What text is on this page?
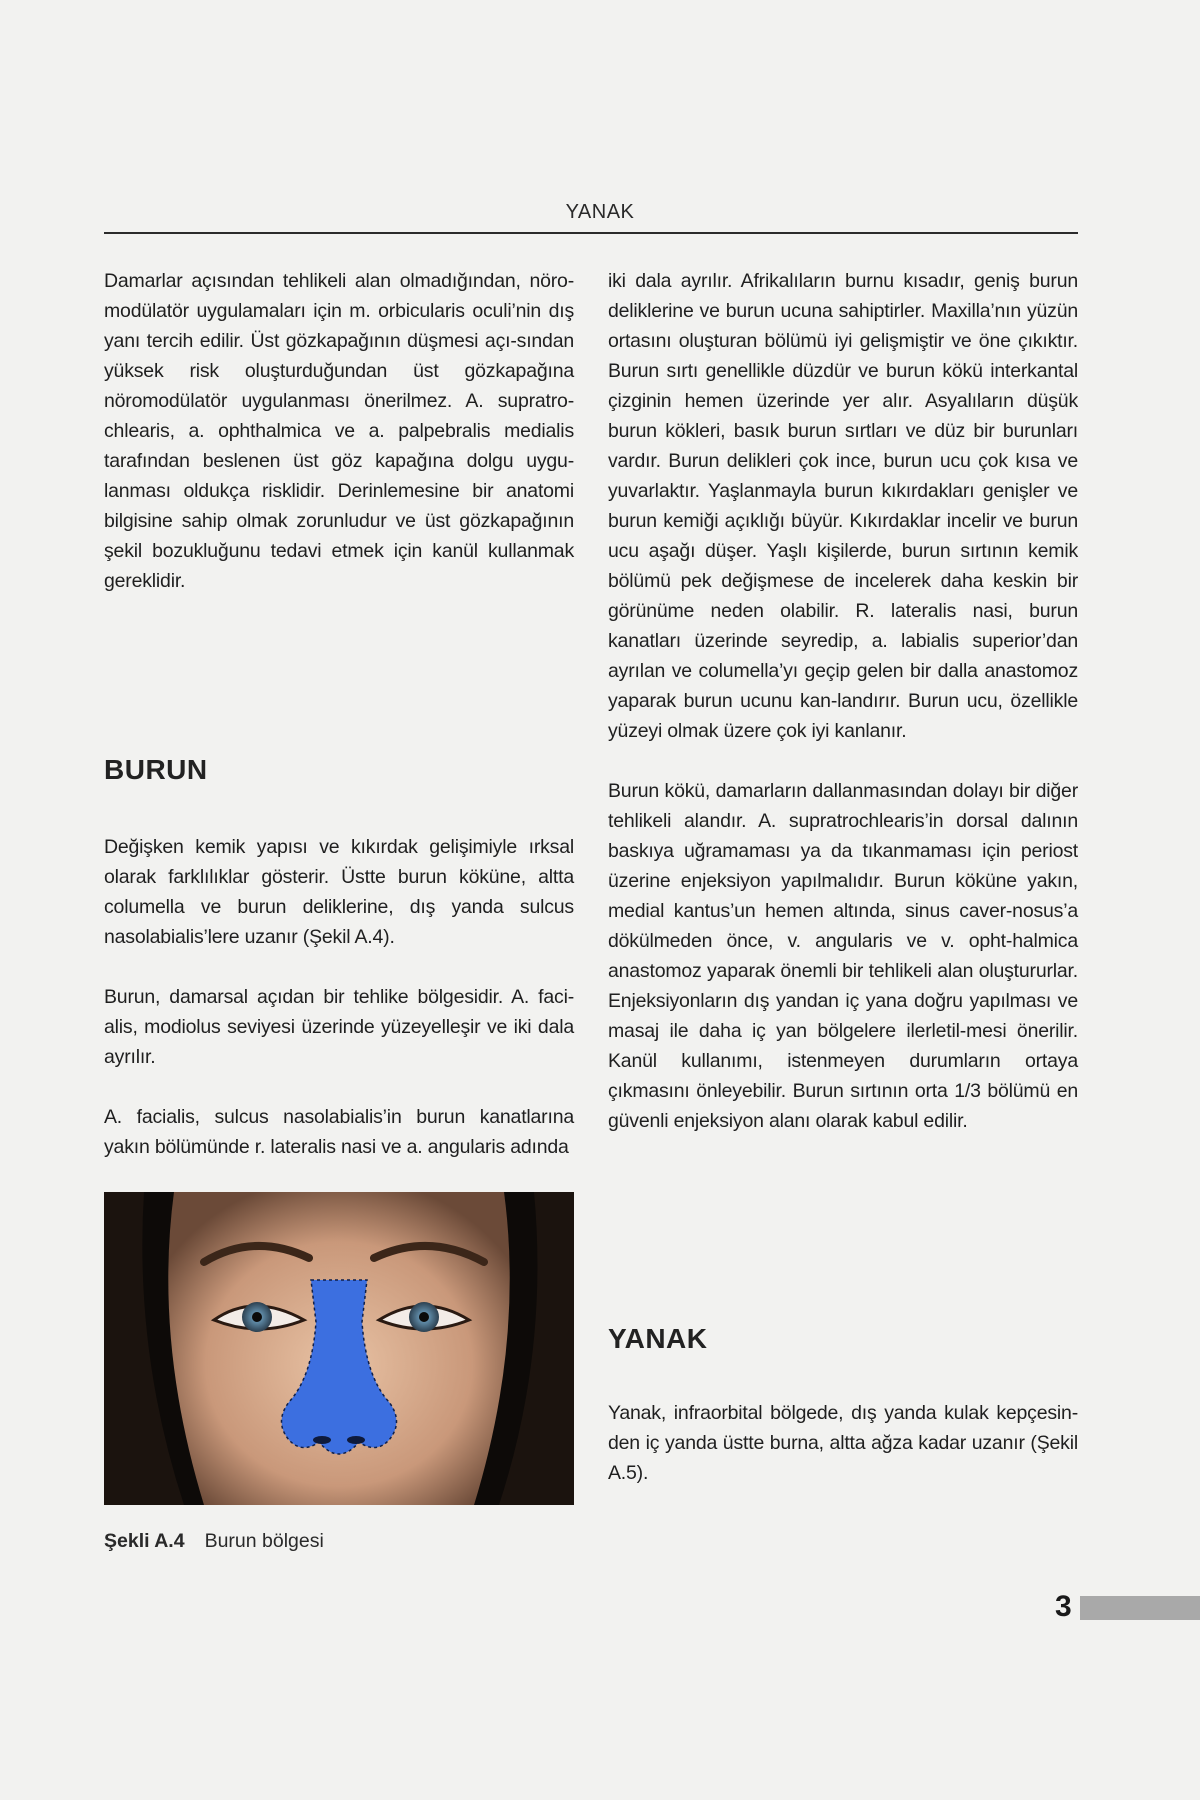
YANAK

Damarlar açısından tehlikeli alan olmadığından, nöro-modülatör uygulamaları için m. orbicularis oculi’nin dış yanı tercih edilir. Üst gözkapağının düşmesi açı-sından yüksek risk oluşturduğundan üst gözkapağına nöromodülatör uygulanması önerilmez. A. supratro-chlearis, a. ophthalmica ve a. palpebralis medialis tarafından beslenen üst göz kapağına dolgu uygu-lanması oldukça risklidir. Derinlemesine bir anatomi bilgisine sahip olmak zorunludur ve üst gözkapağının şekil bozukluğunu tedavi etmek için kanül kullanmak gereklidir.

BURUN

Değişken kemik yapısı ve kıkırdak gelişimiyle ırksal olarak farklılıklar gösterir. Üstte burun köküne, altta columella ve burun deliklerine, dış yanda sulcus nasolabialis’lere uzanır (Şekil A.4).

Burun, damarsal açıdan bir tehlike bölgesidir. A. faci-alis, modiolus seviyesi üzerinde yüzeyelleşir ve iki dala ayrılır.

A. facialis, sulcus nasolabialis’in burun kanatlarına yakın bölümünde r. lateralis nasi ve a. angularis adında

iki dala ayrılır. Afrikalıların burnu kısadır, geniş burun deliklerine ve burun ucuna sahiptirler. Maxilla’nın yüzün ortasını oluşturan bölümü iyi gelişmiştir ve öne çıkıktır. Burun sırtı genellikle düzdür ve burun kökü interkantal çizginin hemen üzerinde yer alır. Asyalıların düşük burun kökleri, basık burun sırtları ve düz bir burunları vardır. Burun delikleri çok ince, burun ucu çok kısa ve yuvarlaktır. Yaşlanmayla burun kıkırdakları genişler ve burun kemiği açıklığı büyür. Kıkırdaklar incelir ve burun ucu aşağı düşer. Yaşlı kişilerde, burun sırtının kemik bölümü pek değişmese de incelerek daha keskin bir görünüme neden olabilir. R. lateralis nasi, burun kanatları üzerinde seyredip, a. labialis superior’dan ayrılan ve columella’yı geçip gelen bir dalla anastomoz yaparak burun ucunu kan-landırır. Burun ucu, özellikle yüzeyi olmak üzere çok iyi kanlanır.

Burun kökü, damarların dallanmasından dolayı bir diğer tehlikeli alandır. A. supratrochlearis’in dorsal dalının baskıya uğramaması ya da tıkanmaması için periost üzerine enjeksiyon yapılmalıdır. Burun köküne yakın, medial kantus’un hemen altında, sinus caver-nosus’a dökülmeden önce, v. angularis ve v. opht-halmica anastomoz yaparak önemli bir tehlikeli alan oluştururlar. Enjeksiyonların dış yandan iç yana doğru yapılması ve masaj ile daha iç yan bölgelere ilerletil-mesi önerilir. Kanül kullanımı, istenmeyen durumların ortaya çıkmasını önleyebilir. Burun sırtının orta 1/3 bölümü en güvenli enjeksiyon alanı olarak kabul edilir.

Şekli A.4 Burun bölgesi
YANAK

Yanak, infraorbital bölgede, dış yanda kulak kepçesin-den iç yanda üstte burna, altta ağza kadar uzanır (Şekil A.5).

3
